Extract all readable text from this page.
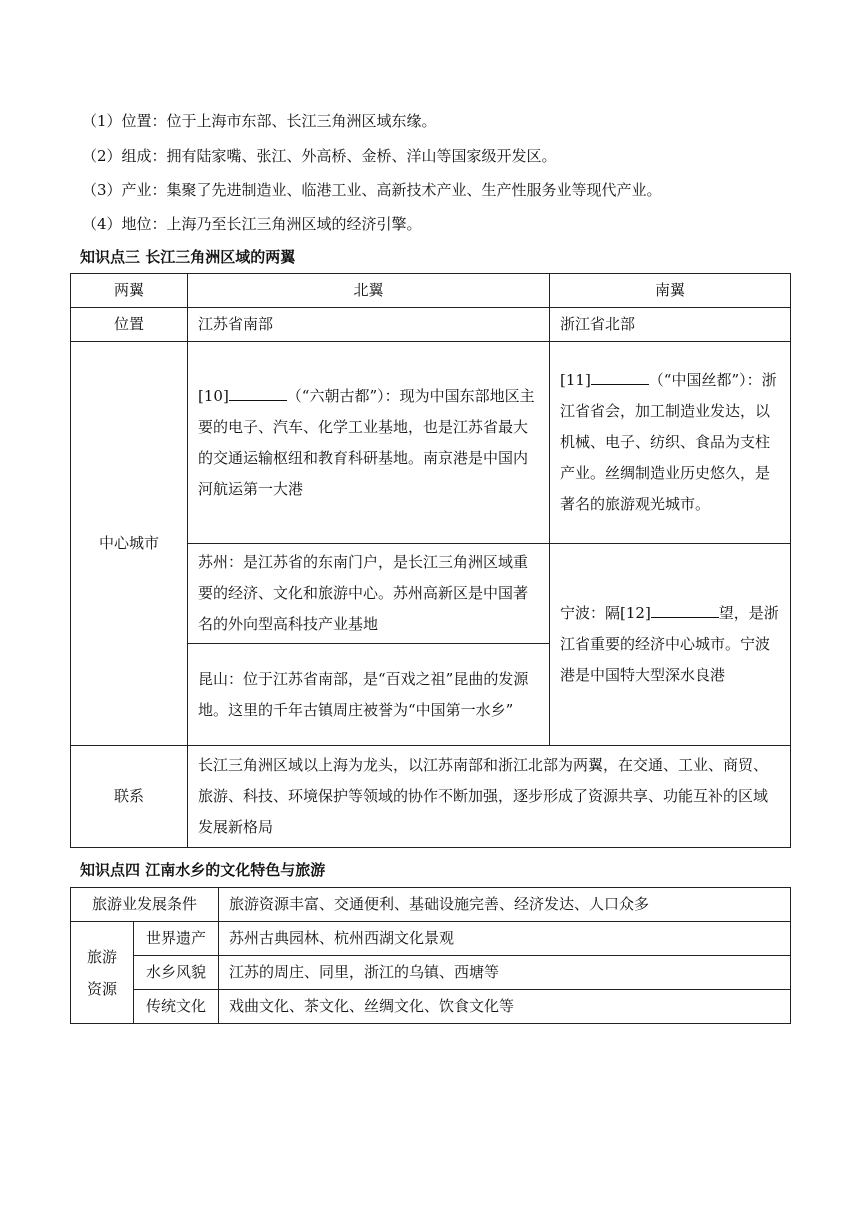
（1）位置：位于上海市东部、长江三角洲区域东缘。
（2）组成：拥有陆家嘴、张江、外高桥、金桥、洋山等国家级开发区。
（3）产业：集聚了先进制造业、临港工业、高新技术产业、生产性服务业等现代产业。
（4）地位：上海乃至长江三角洲区域的经济引擎。
知识点三 长江三角洲区域的两翼
两翼	北翼	南翼
位置	江苏省南部	浙江省北部
中心城市	[10] （“六朝古都”）：现为中国东部地区主要的电子、汽车、化学工业基地，也是江苏省最大的交通运输枢纽和教育科研基地。南京港是中国内河航运第一大港	[11] （“中国丝都”）：浙江省省会，加工制造业发达，以机械、电子、纺织、食品为支柱产业。丝绸制造业历史悠久，是著名的旅游观光城市。
	苏州：是江苏省的东南门户，是长江三角洲区域重要的经济、文化和旅游中心。苏州高新区是中国著名的外向型高科技产业基地	宁波：隔[12] 望，是浙江省重要的经济中心城市。宁波港是中国特大型深水良港
	昆山：位于江苏省南部，是“百戏之祖”昆曲的发源地。这里的千年古镇周庄被誉为“中国第一水乡”	
联系	长江三角洲区域以上海为龙头，以江苏南部和浙江北部为两翼，在交通、工业、商贸、旅游、科技、环境保护等领域的协作不断加强，逐步形成了资源共享、功能互补的区域发展新格局	
知识点四 江南水乡的文化特色与旅游
旅游业发展条件		旅游资源丰富、交通便利、基础设施完善、经济发达、人口众多
旅游资源	世界遗产	苏州古典园林、杭州西湖文化景观
	水乡风貌	江苏的周庄、同里，浙江的乌镇、西塘等
	传统文化	戏曲文化、茶文化、丝绸文化、饮食文化等
